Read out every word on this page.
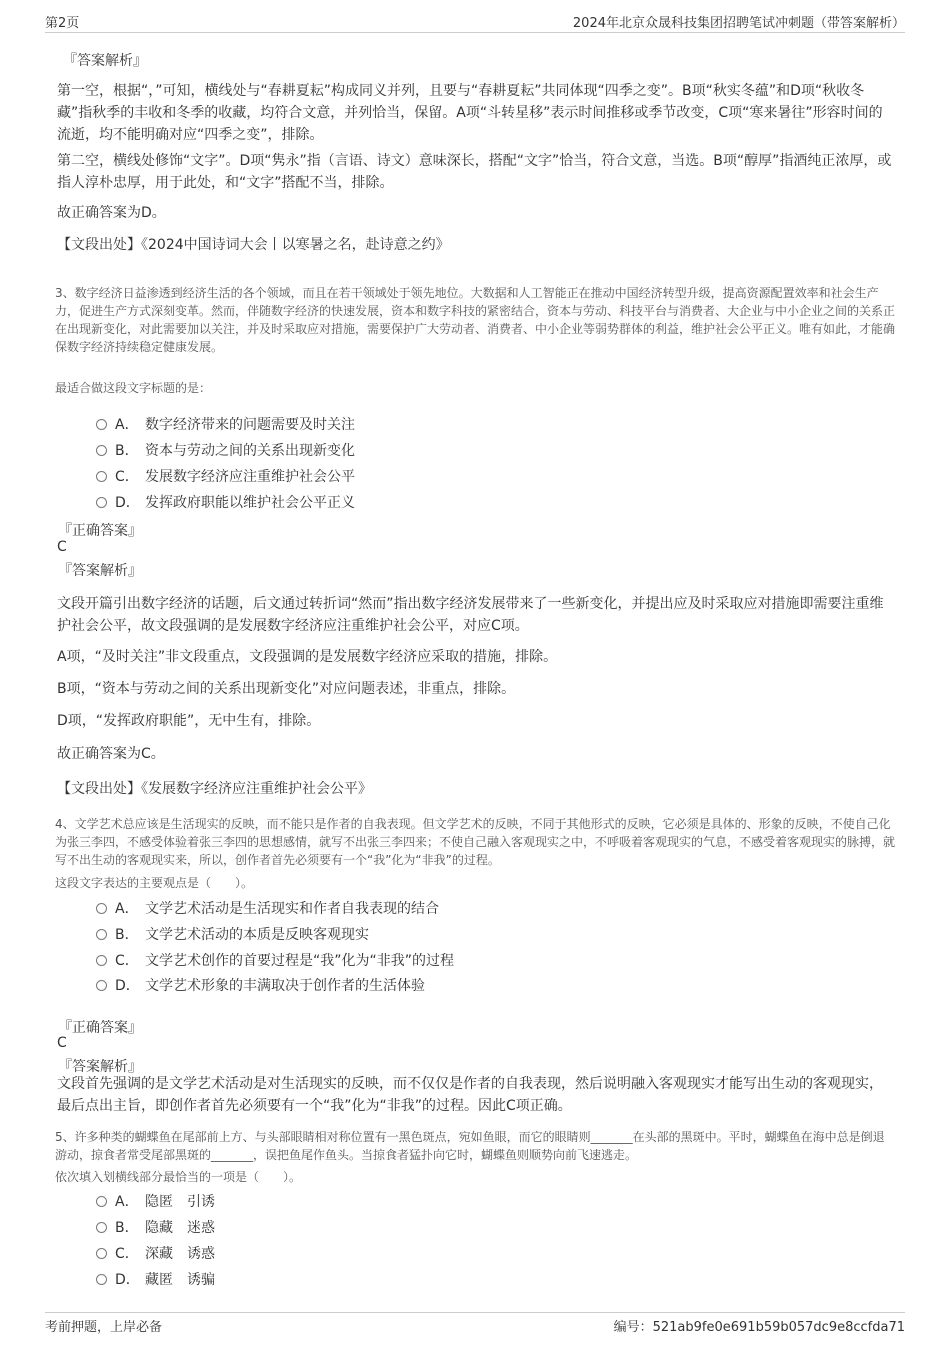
第2页	2024年北京众晟科技集团招聘笔试冲刺题（带答案解析）
『答案解析』
第一空，根据“，”可知，横线处与“春耕夏耘”构成同义并列，且要与“春耕夏耘”共同体现“四季之变”。B项“秋实冬蕴”和D项“秋收冬藏”指秋季的丰收和冬季的收藏，均符合文意，并列恰当，保留。A项“斗转星移”表示时间推移或季节改变，C项“寒来暑往”形容时间的流逝，均不能明确对应“四季之变”，排除。
第二空，横线处修饰“文字”。D项“隽永”指（言语、诗文）意味深长，搭配“文字”恰当，符合文意，当选。B项“醇厚”指酒纯正浓厚，或指人淳朴忠厚，用于此处，和“文字”搭配不当，排除。
故正确答案为D。
【文段出处】《2024中国诗词大会丨以寒暑之名，赴诗意之约》
3、数字经济日益渗透到经济生活的各个领域，而且在若干领域处于领先地位。大数据和人工智能正在推动中国经济转型升级，提高资源配置效率和社会生产力，促进生产方式深刻变革。然而，伴随数字经济的快速发展，资本和数字科技的紧密结合，资本与劳动、科技平台与消费者、大企业与中小企业之间的关系正在出现新变化，对此需要加以关注，并及时采取应对措施，需要保护广大劳动者、消费者、中小企业等弱势群体的利益，维护社会公平正义。唯有如此，才能确保数字经济持续稳定健康发展。
最适合做这段文字标题的是：
A． 数字经济带来的问题需要及时关注
B． 资本与劳动之间的关系出现新变化
C． 发展数字经济应注重维护社会公平
D． 发挥政府职能以维护社会公平正义
『正确答案』
C
『答案解析』
文段开篇引出数字经济的话题，后文通过转折词“然而”指出数字经济发展带来了一些新变化，并提出应及时采取应对措施即需要注重维护社会公平，故文段强调的是发展数字经济应注重维护社会公平，对应C项。
A项，“及时关注”非文段重点，文段强调的是发展数字经济应采取的措施，排除。
B项，“资本与劳动之间的关系出现新变化”对应问题表述，非重点，排除。
D项，“发挥政府职能”，无中生有，排除。
故正确答案为C。
【文段出处】《发展数字经济应注重维护社会公平》
4、文学艺术总应该是生活现实的反映，而不能只是作者的自我表现。但文学艺术的反映，不同于其他形式的反映，它必须是具体的、形象的反映，不使自己化为张三李四，不感受体验着张三李四的思想感情，就写不出张三李四来；不使自己融入客观现实之中，不呼吸着客观现实的气息，不感受着客观现实的脉搏，就写不出生动的客观现实来，所以，创作者首先必须要有一个“我”化为“非我”的过程。
这段文字表达的主要观点是（　　）。
A． 文学艺术活动是生活现实和作者自我表现的结合
B． 文学艺术活动的本质是反映客观现实
C． 文学艺术创作的首要过程是“我”化为“非我”的过程
D． 文学艺术形象的丰满取决于创作者的生活体验
『正确答案』
C
『答案解析』
文段首先强调的是文学艺术活动是对生活现实的反映，而不仅仅是作者的自我表现，然后说明融入客观现实才能写出生动的客观现实，最后点出主旨，即创作者首先必须要有一个“我”化为“非我”的过程。因此C项正确。
5、许多种类的蝴蝶鱼在尾部前上方、与头部眼睛相对称位置有一黑色斑点，宛如鱼眼，而它的眼睛则_______在头部的黑斑中。平时，蝴蝶鱼在海中总是倒退游动，掠食者常受尾部黑斑的_______，误把鱼尾作鱼头。当掠食者猛扑向它时，蝴蝶鱼则顺势向前飞速逃走。
依次填入划横线部分最恰当的一项是（　　）。
A． 隐匿　引诱
B． 隐藏　迷惑
C． 深藏　诱惑
D． 藏匿　诱骗
考前押题，上岸必备	编号：521ab9fe0e691b59b057dc9e8ccfda71
